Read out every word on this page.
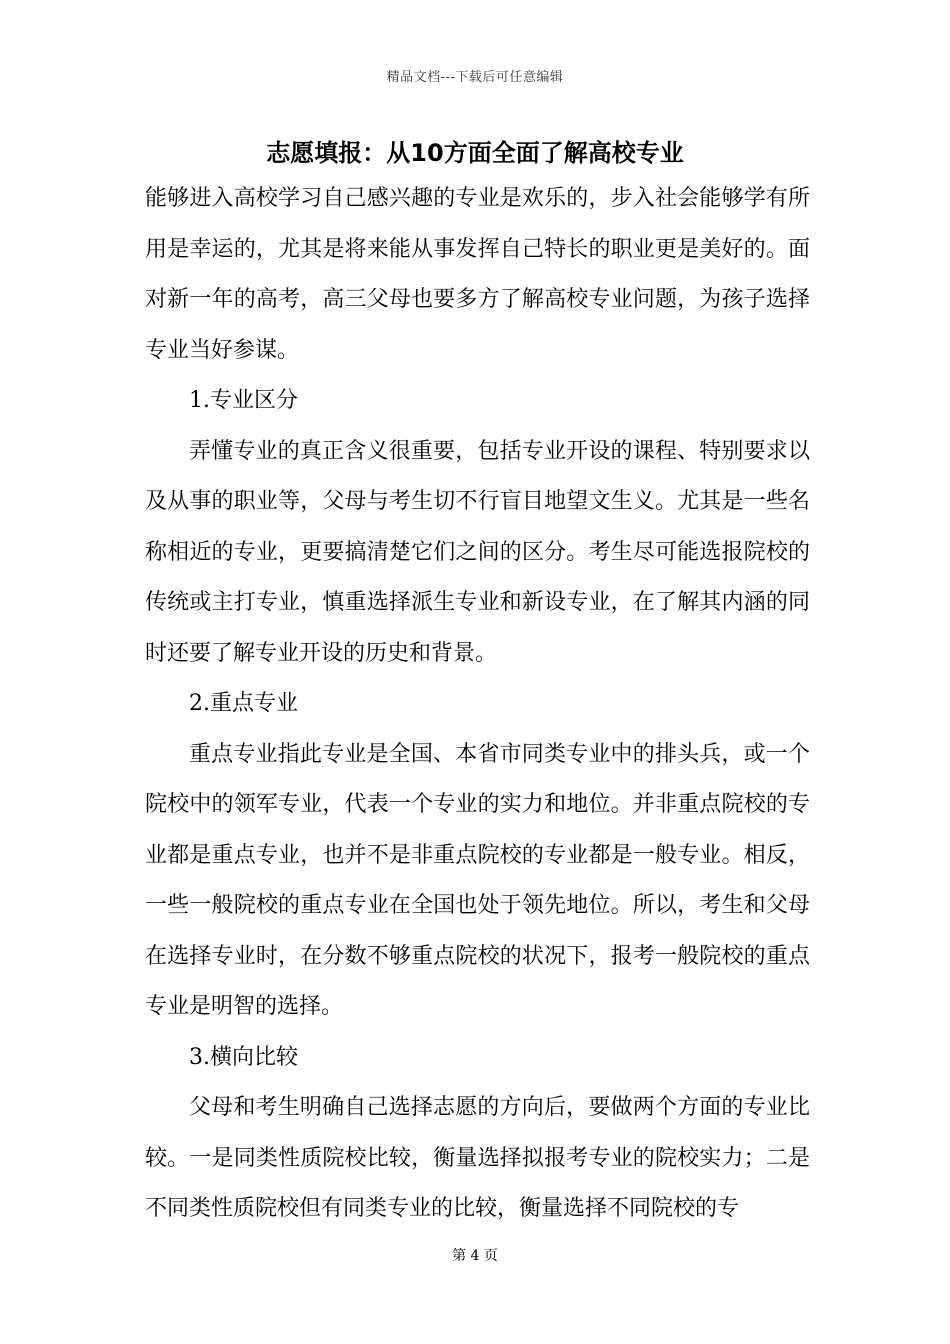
精品文档---下载后可任意编辑
志愿填报：从10方面全面了解高校专业

能够进入高校学习自己感兴趣的专业是欢乐的，步入社会能够学有所用是幸运的，尤其是将来能从事发挥自己特长的职业更是美好的。面对新一年的高考，高三父母也要多方了解高校专业问题，为孩子选择专业当好参谋。

1.专业区分

弄懂专业的真正含义很重要，包括专业开设的课程、特别要求以及从事的职业等，父母与考生切不行盲目地望文生义。尤其是一些名称相近的专业，更要搞清楚它们之间的区分。考生尽可能选报院校的传统或主打专业，慎重选择派生专业和新设专业，在了解其内涵的同时还要了解专业开设的历史和背景。

2.重点专业

重点专业指此专业是全国、本省市同类专业中的排头兵，或一个院校中的领军专业，代表一个专业的实力和地位。并非重点院校的专业都是重点专业，也并不是非重点院校的专业都是一般专业。相反，一些一般院校的重点专业在全国也处于领先地位。所以，考生和父母在选择专业时，在分数不够重点院校的状况下，报考一般院校的重点专业是明智的选择。

3.横向比较

父母和考生明确自己选择志愿的方向后，要做两个方面的专业比较。一是同类性质院校比较，衡量选择拟报考专业的院校实力；二是不同类性质院校但有同类专业的比较，衡量选择不同院校的专

第 4 页
